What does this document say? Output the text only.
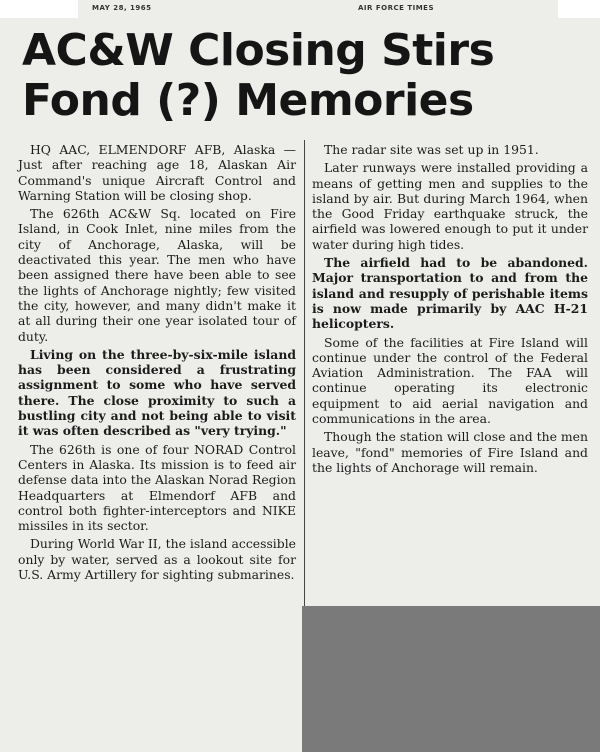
MAY 28, 1965	AIR FORCE TIMES
AC&W Closing Stirs
Fond (?) Memories

HQ AAC, ELMENDORF AFB, Alaska — Just after reaching age 18, Alaskan Air Command's unique Aircraft Control and Warning Station will be closing shop.

The 626th AC&W Sq. located on Fire Island, in Cook Inlet, nine miles from the city of Anchorage, Alaska, will be deactivated this year. The men who have been assigned there have been able to see the lights of Anchorage nightly; few visited the city, however, and many didn't make it at all during their one year isolated tour of duty.

Living on the three-by-six-mile island has been considered a frustrating assignment to some who have served there. The close proximity to such a bustling city and not being able to visit it was often described as "very trying."

The 626th is one of four NORAD Control Centers in Alaska. Its mission is to feed air defense data into the Alaskan Norad Region Headquarters at Elmendorf AFB and control both fighter-interceptors and NIKE missiles in its sector.

During World War II, the island accessible only by water, served as a lookout site for U.S. Army Artillery for sighting submarines.

The radar site was set up in 1951.

Later runways were installed providing a means of getting men and supplies to the island by air. But during March 1964, when the Good Friday earthquake struck, the airfield was lowered enough to put it under water during high tides.

The airfield had to be abandoned. Major transportation to and from the island and resupply of perishable items is now made primarily by AAC H-21 helicopters.

Some of the facilities at Fire Island will continue under the control of the Federal Aviation Administration. The FAA will continue operating its electronic equipment to aid aerial navigation and communications in the area.

Though the station will close and the men leave, "fond" memories of Fire Island and the lights of Anchorage will remain.
